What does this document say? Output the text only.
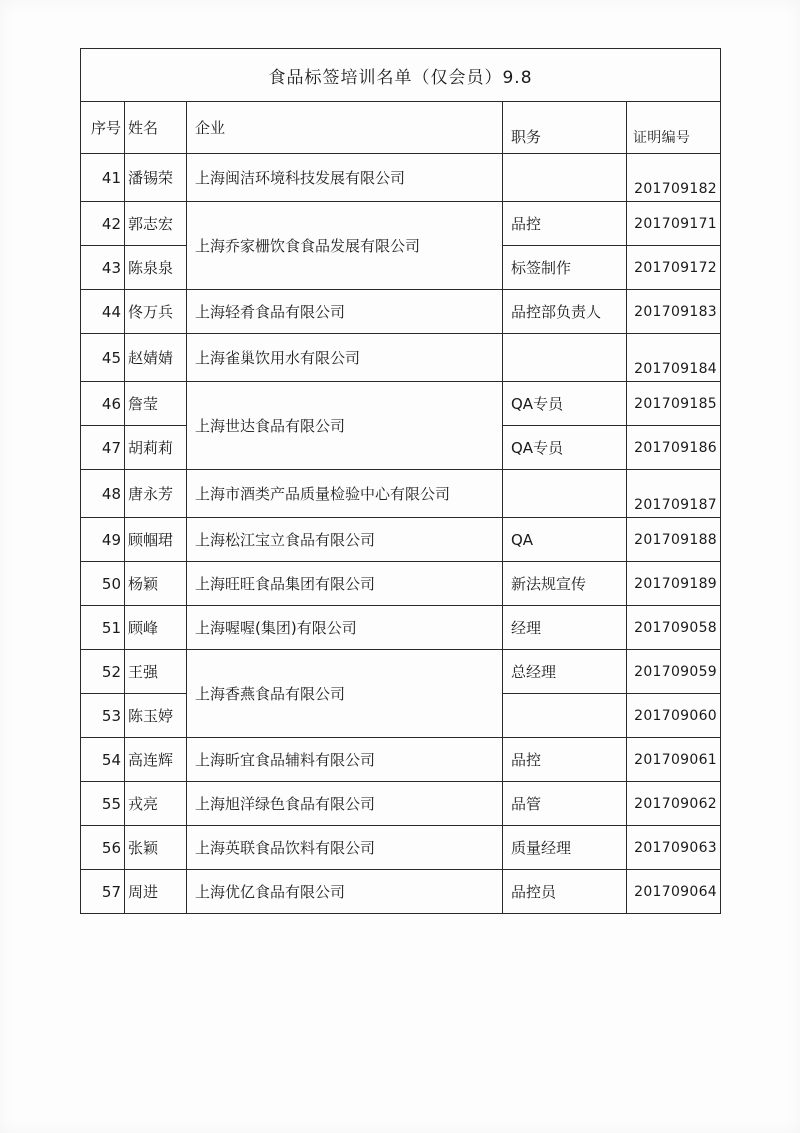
食品标签培训名单（仅会员）9.8				
序号	姓名	企业	职务	证明编号
41	潘锡荣	上海闽洁环境科技发展有限公司		201709182
42	郭志宏	上海乔家栅饮食食品发展有限公司	品控	201709171
43	陈泉泉		标签制作	201709172
44	佟万兵	上海轻肴食品有限公司	品控部负责人	201709183
45	赵婧婧	上海雀巢饮用水有限公司		201709184
46	詹莹	上海世达食品有限公司	QA专员	201709185
47	胡莉莉		QA专员	201709186
48	唐永芳	上海市酒类产品质量检验中心有限公司		201709187
49	顾帼珺	上海松江宝立食品有限公司	QA	201709188
50	杨颖	上海旺旺食品集团有限公司	新法规宣传	201709189
51	顾峰	上海喔喔(集团)有限公司	经理	201709058
52	王强	上海香燕食品有限公司	总经理	201709059
53	陈玉婷			201709060
54	高连辉	上海昕宜食品辅料有限公司	品控	201709061
55	戎亮	上海旭洋绿色食品有限公司	品管	201709062
56	张颖	上海英联食品饮料有限公司	质量经理	201709063
57	周进	上海优亿食品有限公司	品控员	201709064
